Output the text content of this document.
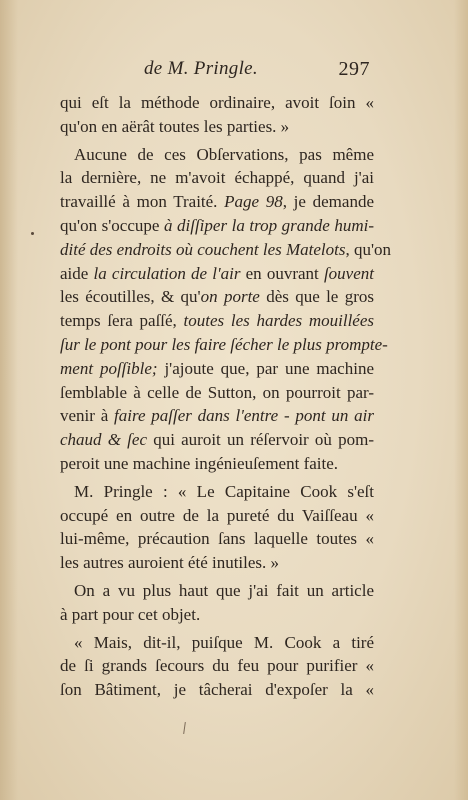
de M. Pringle.	297
qui eſt la méthode ordinaire, avoit ſoin «
qu'on en aërât toutes les parties. »
Aucune de ces Obſervations, pas même
la dernière, ne m'avoit échappé, quand j'ai
travaillé à mon Traité. Page 98, je demande
qu'on s'occupe à diſſiper la trop grande humi-
dité des endroits où couchent les Matelots, qu'on
aide la circulation de l'air en ouvrant ſouvent
les écoutilles, & qu'on porte dès que le gros
temps ſera paſſé, toutes les hardes mouillées
ſur le pont pour les faire ſécher le plus prompte-
ment poſſible; j'ajoute que, par une machine
ſemblable à celle de Sutton, on pourroit par-
venir à faire paſſer dans l'entre - pont un air
chaud & ſec qui auroit un réſervoir où pom-
peroit une machine ingénieuſement faite.
M. Pringle : « Le Capitaine Cook s'eſt
occupé en outre de la pureté du Vaiſſeau «
lui-même, précaution ſans laquelle toutes «
les autres auroient été inutiles. »
On a vu plus haut que j'ai fait un article
à part pour cet objet.
« Mais, dit-il, puiſque M. Cook a tiré
de ſi grands ſecours du feu pour purifier «
ſon Bâtiment, je tâcherai d'expoſer la «
